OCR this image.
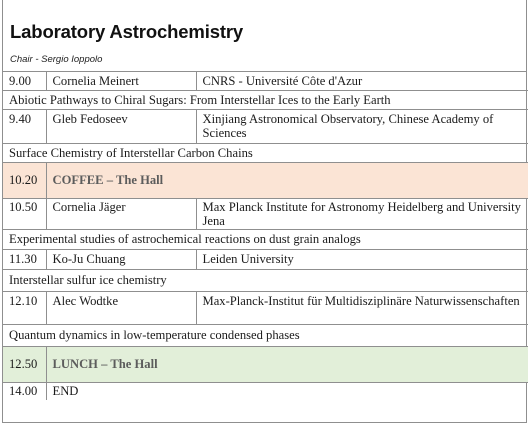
Laboratory Astrochemistry
Chair - Sergio Ioppolo
9.00	Cornelia Meinert	CNRS - Université Côte d'Azur
Abiotic Pathways to Chiral Sugars: From Interstellar Ices to the Early Earth		
9.40	Gleb Fedoseev	Xinjiang Astronomical Observatory, Chinese Academy of Sciences
Surface Chemistry of Interstellar Carbon Chains		
10.20	COFFEE – The Hall	
10.50	Cornelia Jäger	Max Planck Institute for Astronomy Heidelberg and University Jena
Experimental studies of astrochemical reactions on dust grain analogs		
11.30	Ko-Ju Chuang	Leiden University
Interstellar sulfur ice chemistry		
12.10	Alec Wodtke	Max-Planck-Institut für Multidisziplinäre Naturwissenschaften
Quantum dynamics in low-temperature condensed phases		
12.50	LUNCH – The Hall	
14.00	END	
